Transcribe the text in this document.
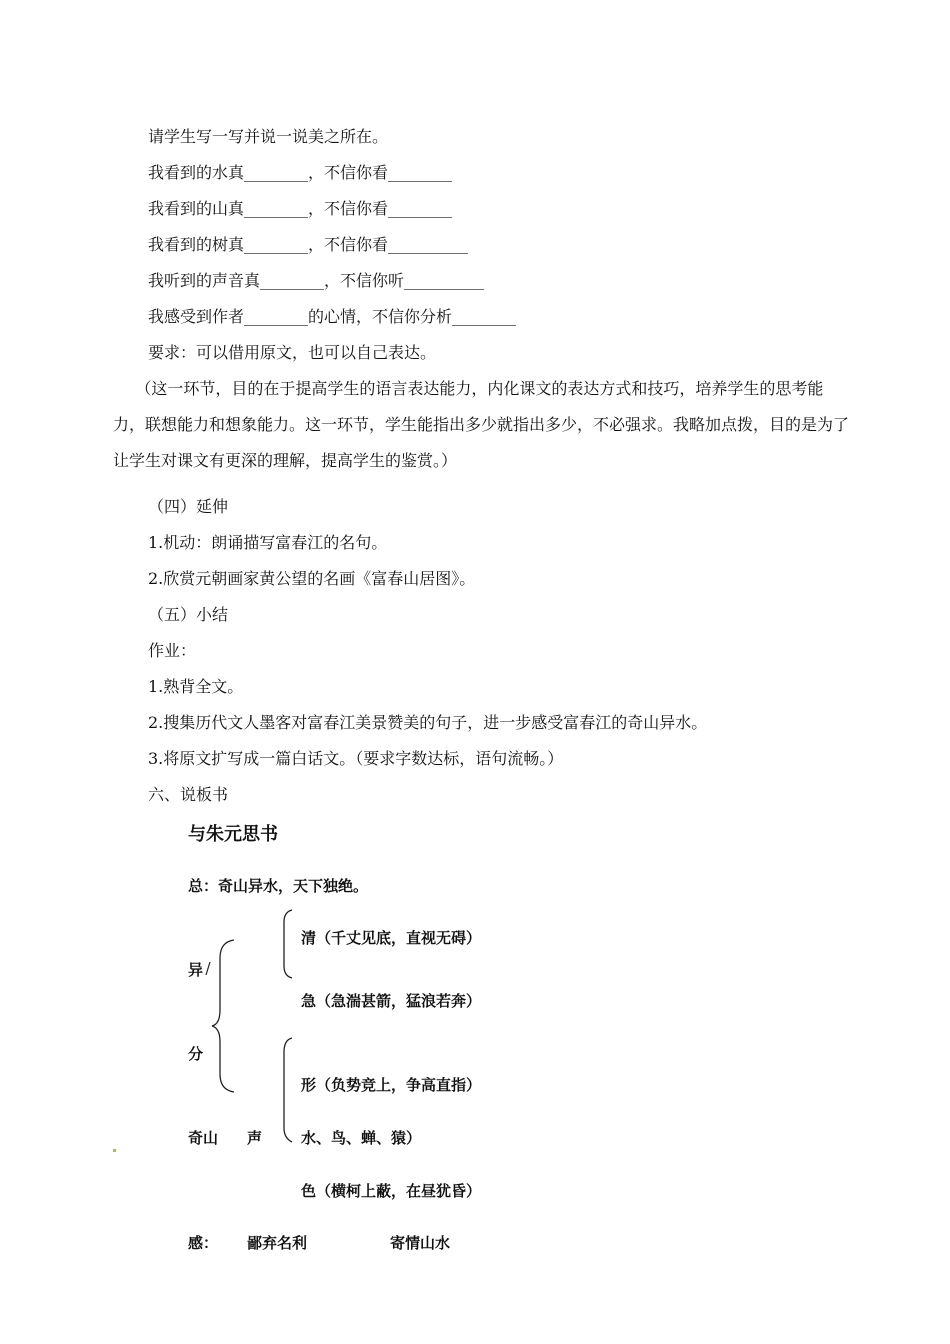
请学生写一写并说一说美之所在。
我看到的水真________，不信你看________
我看到的山真________，不信你看________
我看到的树真________，不信你看__________
我听到的声音真________，不信你听__________
我感受到作者________的心情，不信你分析________
要求：可以借用原文，也可以自己表达。
（这一环节，目的在于提高学生的语言表达能力，内化课文的表达方式和技巧，培养学生的思考能力，联想能力和想象能力。这一环节，学生能指出多少就指出多少，不必强求。我略加点拨，目的是为了让学生对课文有更深的理解，提高学生的鉴赏。）
（四）延伸
1.机动：朗诵描写富春江的名句。
2.欣赏元朝画家黄公望的名画《富春山居图》。
（五）小结
作业：
1.熟背全文。
2.搜集历代文人墨客对富春江美景赞美的句子，进一步感受富春江的奇山异水。
3.将原文扩写成一篇白话文。（要求字数达标，语句流畅。）
六、说板书
与朱元思书
总：奇山异水，天下独绝。
异
分
奇山 声
清（千丈见底，直视无碍）
急（急湍甚箭，猛浪若奔）
形（负势竞上，争高直指）
水、鸟、蝉、猿）
色（横柯上蔽，在昼犹昏）
感： 鄙弃名利	寄情山水
